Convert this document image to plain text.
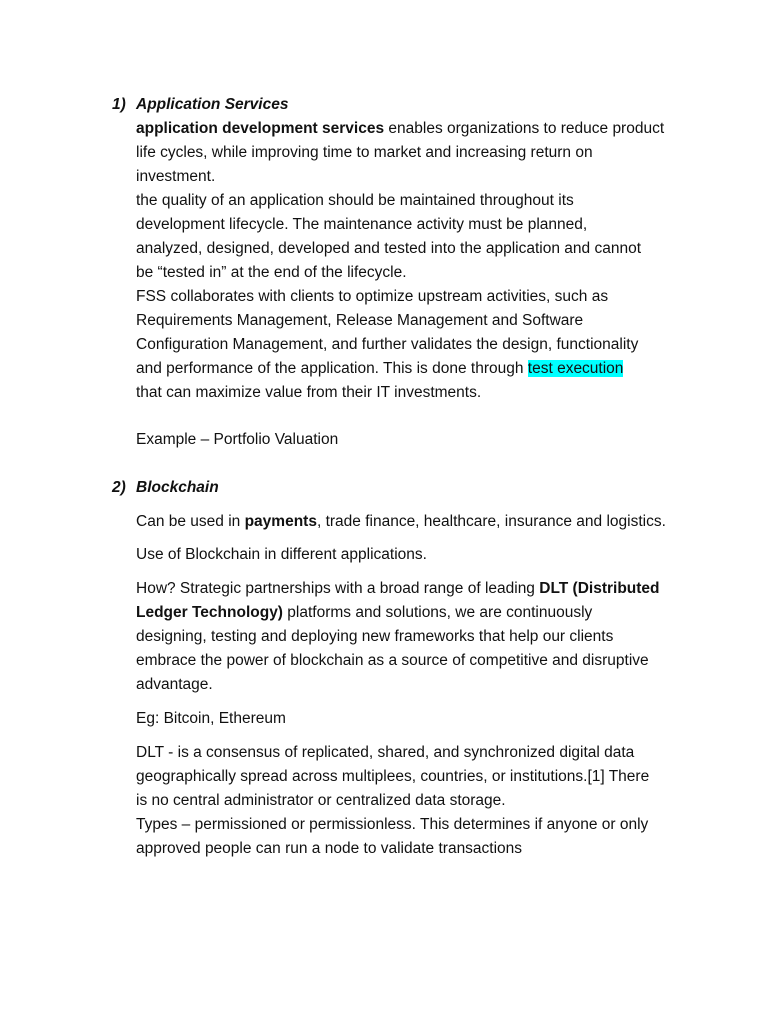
1) Application Services
application development services enables organizations to reduce product
life cycles, while improving time to market and increasing return on
investment.
the quality of an application should be maintained throughout its
development lifecycle. The maintenance activity must be planned,
analyzed, designed, developed and tested into the application and cannot
be “tested in” at the end of the lifecycle.
FSS collaborates with clients to optimize upstream activities, such as
Requirements Management, Release Management and Software
Configuration Management, and further validates the design, functionality
and performance of the application. This is done through test execution
that can maximize value from their IT investments.
Example – Portfolio Valuation
2) Blockchain
Can be used in payments, trade finance, healthcare, insurance and logistics.
Use of Blockchain in different applications.
How? Strategic partnerships with a broad range of leading DLT (Distributed
Ledger Technology) platforms and solutions, we are continuously
designing, testing and deploying new frameworks that help our clients
embrace the power of blockchain as a source of competitive and disruptive
advantage.
Eg: Bitcoin, Ethereum
DLT - is a consensus of replicated, shared, and synchronized digital data
geographically spread across multiplees, countries, or institutions.[1] There
is no central administrator or centralized data storage.
Types – permissioned or permissionless. This determines if anyone or only
approved people can run a node to validate transactions
